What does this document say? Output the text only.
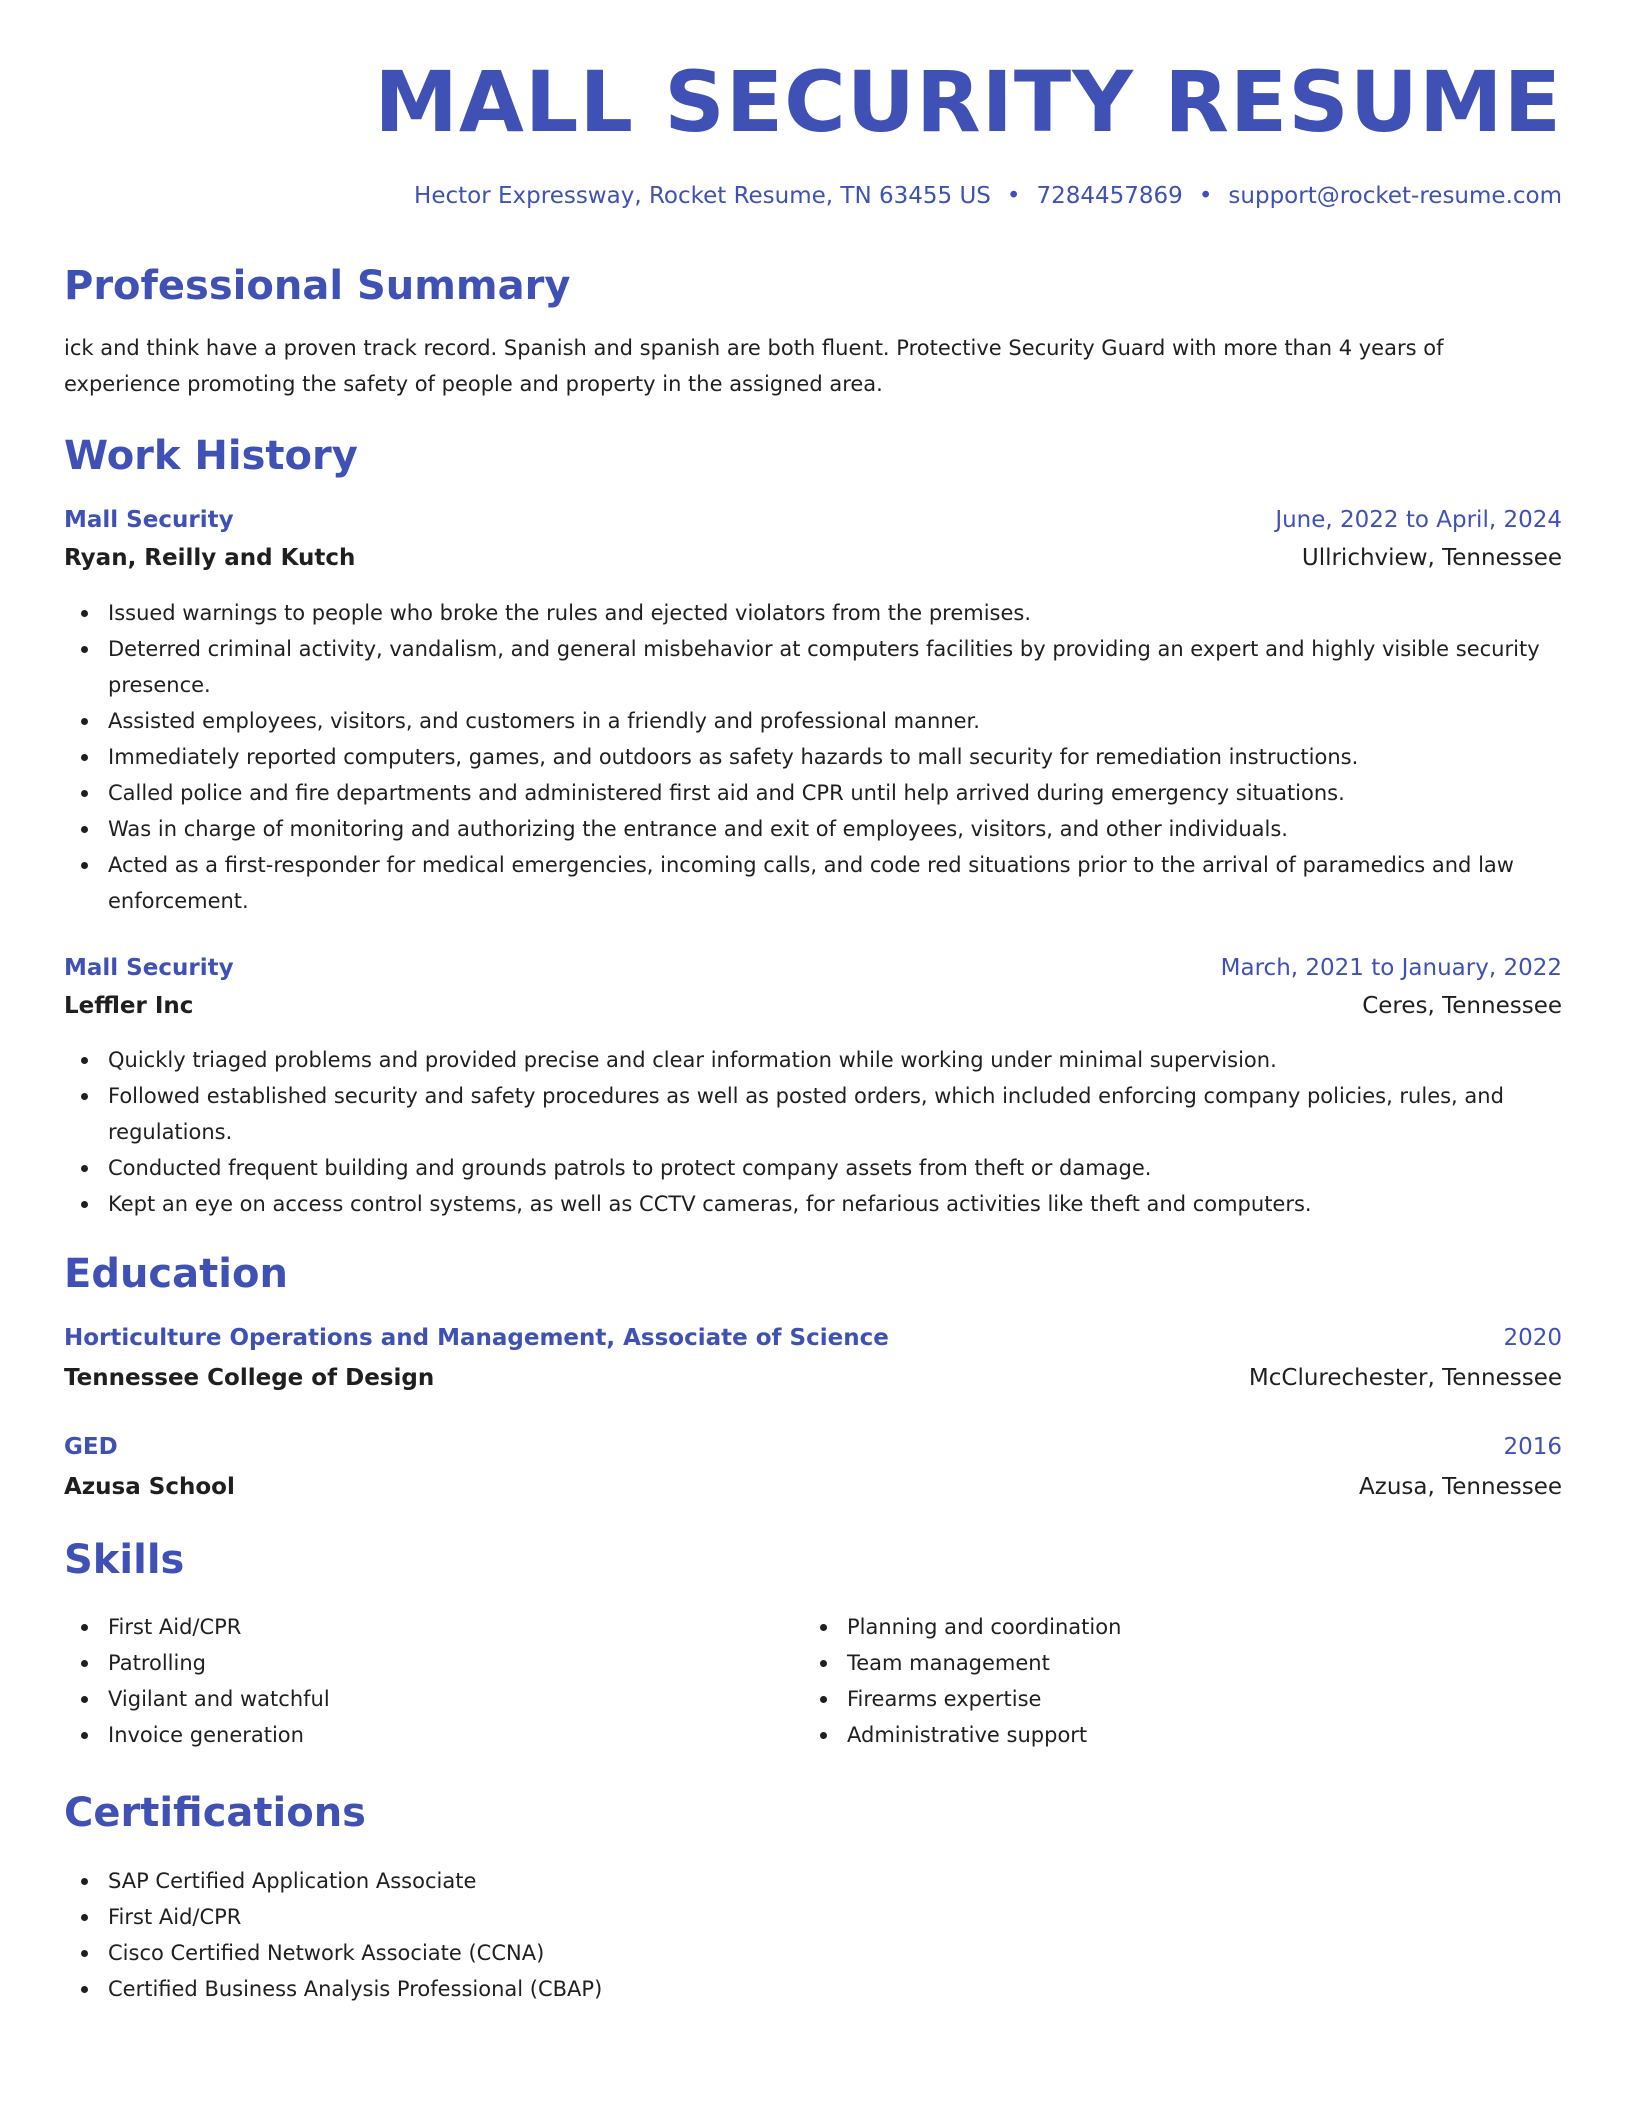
MALL SECURITY RESUME
Hector Expressway, Rocket Resume, TN 63455 US • 7284457869 • support@rocket-resume.com
Professional Summary

ick and think have a proven track record. Spanish and spanish are both fluent. Protective Security Guard with more than 4 years of experience promoting the safety of people and property in the assigned area.

Work History
Mall Security	June, 2022 to April, 2024
Ryan, Reilly and Kutch	Ullrichview, Tennessee
Issued warnings to people who broke the rules and ejected violators from the premises.
Deterred criminal activity, vandalism, and general misbehavior at computers facilities by providing an expert and highly visible security presence.
Assisted employees, visitors, and customers in a friendly and professional manner.
Immediately reported computers, games, and outdoors as safety hazards to mall security for remediation instructions.
Called police and fire departments and administered first aid and CPR until help arrived during emergency situations.
Was in charge of monitoring and authorizing the entrance and exit of employees, visitors, and other individuals.
Acted as a first-responder for medical emergencies, incoming calls, and code red situations prior to the arrival of paramedics and law enforcement.
Mall Security	March, 2021 to January, 2022
Leffler Inc	Ceres, Tennessee
Quickly triaged problems and provided precise and clear information while working under minimal supervision.
Followed established security and safety procedures as well as posted orders, which included enforcing company policies, rules, and regulations.
Conducted frequent building and grounds patrols to protect company assets from theft or damage.
Kept an eye on access control systems, as well as CCTV cameras, for nefarious activities like theft and computers.
Education
Horticulture Operations and Management, Associate of Science	2020
Tennessee College of Design	McClurechester, Tennessee
GED	2016
Azusa School	Azusa, Tennessee
Skills
First Aid/CPR
Patrolling
Vigilant and watchful
Invoice generation
Planning and coordination
Team management
Firearms expertise
Administrative support
Certifications
SAP Certified Application Associate
First Aid/CPR
Cisco Certified Network Associate (CCNA)
Certified Business Analysis Professional (CBAP)
